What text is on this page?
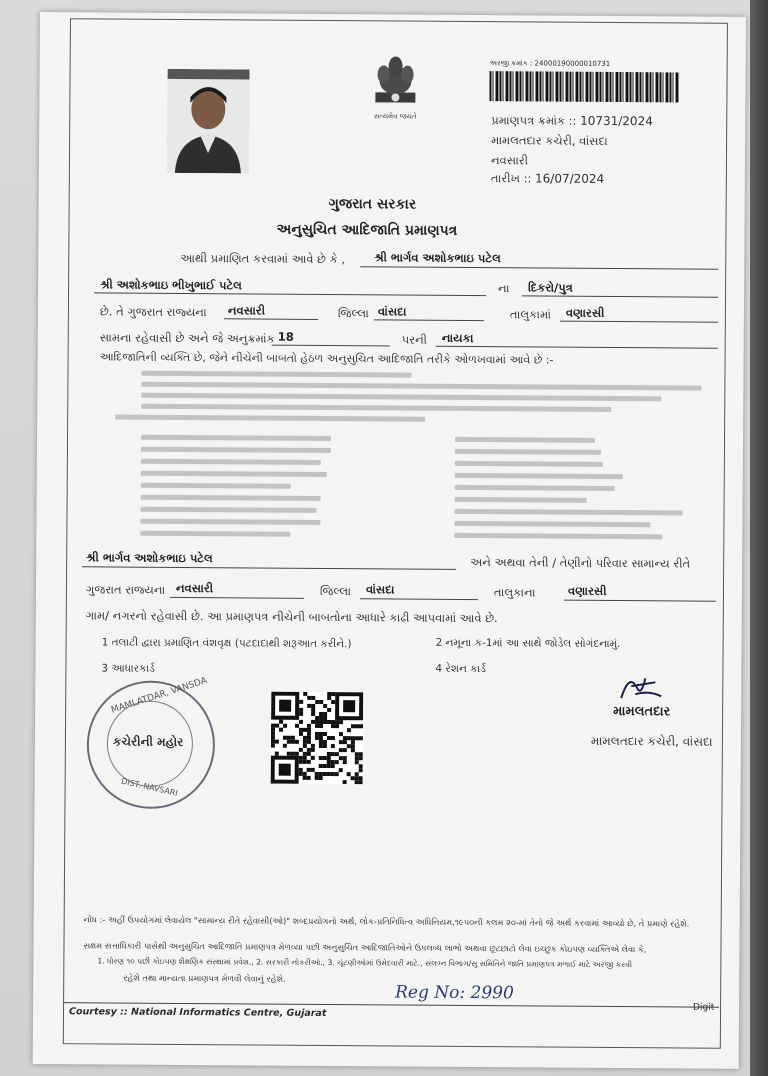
સત્યમેવ જયતે
અરજી ક્રમાંક : 24000190000010731
પ્રમાણપત્ર ક્રમાંક :: 10731/2024
મામલતદાર કચેરી, વાંસદા
નવસારી
તારીખ :: 16/07/2024
ગુજરાત સરકાર
અનુસુચિત આદિજાતિ પ્રમાણપત્ર
આથી પ્રમાણિત કરવામાં આવે છે કે ,	શ્રી ભાર્ગવ અશોકભાઇ પટેલ
શ્રી અશોકભાઇ ભીખુભાઈ પટેલ	ના દિકરો/પુત્ર
છે. તે ગુજરાત રાજ્યના નવસારી	જિલ્લા વાંસદા	તાલુકામાં વણારસી
સામના રહેવાસી છે અને જે અનુક્રમાંક 18	પરની નાયકા
આદિજાતિની વ્યક્તિ છે, જેને નીચેની બાબતો હેઠળ અનુસુચિત આદિજાતિ તરીકે ઓળખવામાં આવે છે :-
શ્રી ભાર્ગવ અશોકભાઇ પટેલ	અને અથવા તેની / તેણીનો પરિવાર સામાન્ય રીતે
ગુજરાત રાજ્યના નવસારી	જિલ્લા વાંસદા	તાલુકાના	વણારસી
ગામ/ નગરનો રહેવાસી છે. આ પ્રમાણપત્ર નીચેની બાબતોના આધારે કાઢી આપવામાં આવે છે.
1 તલાટી દ્વારા પ્રમાણિત વંશવૃક્ષ (પટદાદાથી શરૂઆત કરીને.)	2 નમૂના ક-1માં આ સાથે જોડેલ સોગંદનામું.
3 આધારકાર્ડ	4 રેશન કાર્ડ
MAMLATDAR, VANSDA
કચેરીની મહોર
DIST. NAVSARI
મામલતદાર
મામલતદાર કચેરી, વાંસદા
નોંધ :- અહીં ઉપયોગમાં લેવાયેલ "સામાન્ય રીતે રહેવાસી(ઓ)" શબ્દપ્રયોગનો અર્થ, લોક-પ્રતિનિધિત્વ અધિનિયમ,૧૯૫૦ની કલમ ૨૦-માં તેનો જે અર્થ કરવામાં આવ્યો છે, તે પ્રમાણે રહેશે.
સક્ષમ સત્તાધિકારી પાસેથી અનુસુચિત આદિજાતિ પ્રમાણપત્ર મેળવ્યા પછી અનુસુચિત આદિજાતિઓને ઉપલબ્ધ લાભો અથવા છૂટછાટો લેવા ઇચ્છુક કોઇપણ વ્યક્તિએ લેવા કે,
1. ધોરણ ૧૦ પછી કોઇપણ શૈક્ષણિક સંસ્થામાં પ્રવેશ., 2. સરકારી નોકરીઓ., 3. ચૂંટણીઓમાં ઉમેદવારી માટે., સંલગ્ન વિભાગ/સુ સમિતિને જાતિ પ્રમાણપત્ર મળાઈ માટે અરજી કરવી
રહેશે તથા માન્યતા પ્રમાણપત્ર મેળવી લેવાનું રહેશે.
Reg No: 2990
Courtesy :: National Informatics Centre, Gujarat	Digit
